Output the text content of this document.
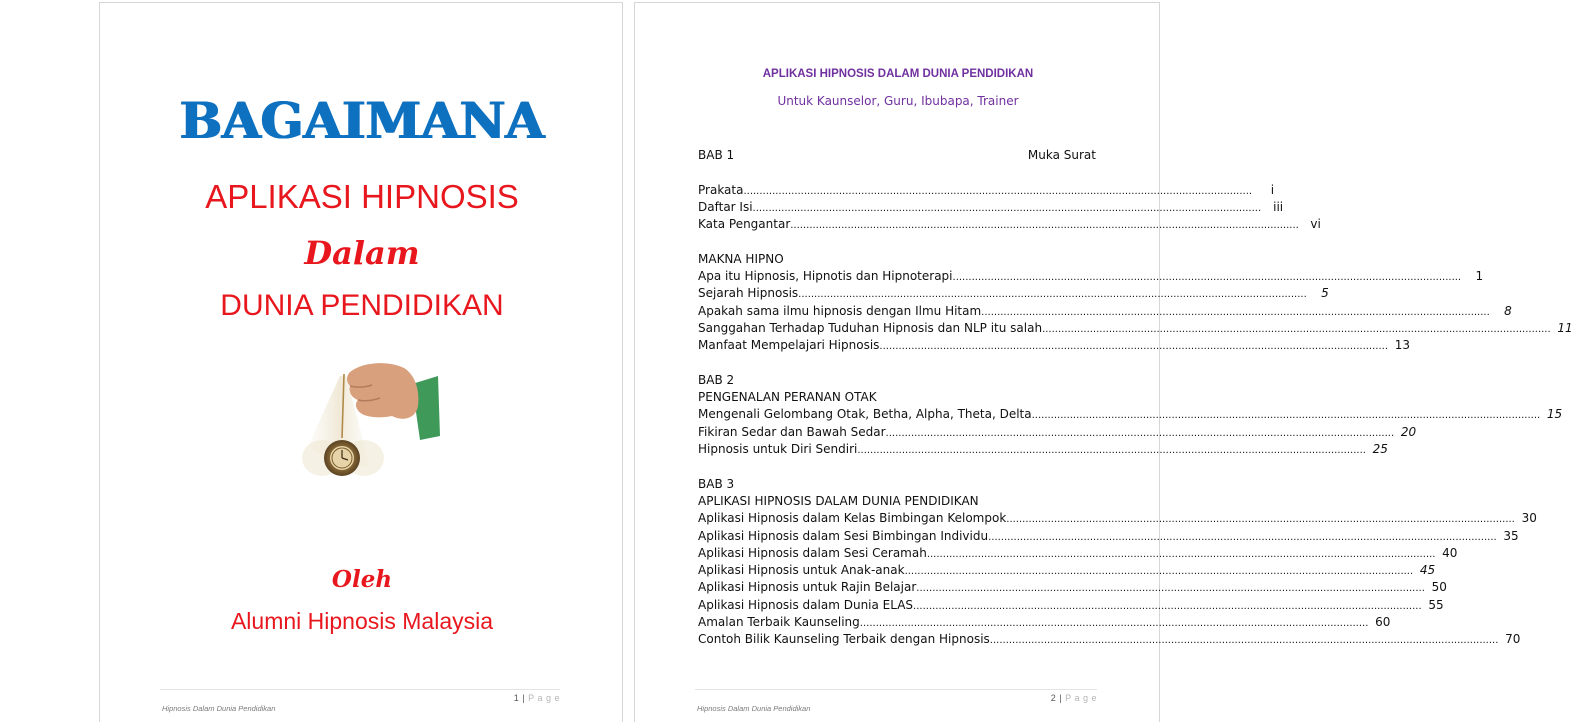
BAGAIMANA
APLIKASI HIPNOSIS
Dalam
DUNIA PENDIDIKAN
Oleh
Alumni Hipnosis Malaysia
1 | P a g e
Hipnosis Dalam Dunia Pendidikan
APLIKASI HIPNOSIS DALAM DUNIA PENDIDIKAN
Untuk Kaunselor, Guru, Ibubapa, Trainer
BAB 1	Muka Surat
Prakata ................................................................................................................................................................	i
Daftar Isi ................................................................................................................................................................ iii
Kata Pengantar ................................................................................................................................................................ vi
MAKNA HIPNO
Apa itu Hipnosis, Hipnotis dan Hipnoterapi ................................................................................................................................................................	1
Sejarah Hipnosis ................................................................................................................................................................	5
Apakah sama ilmu hipnosis dengan Ilmu Hitam ................................................................................................................................................................	8
Sanggahan Terhadap Tuduhan Hipnosis dan NLP itu salah ................................................................................................................................................................ 11
Manfaat Mempelajari Hipnosis ................................................................................................................................................................ 13
BAB 2
PENGENALAN PERANAN OTAK
Mengenali Gelombang Otak, Betha, Alpha, Theta, Delta ................................................................................................................................................................ 15
Fikiran Sedar dan Bawah Sedar ................................................................................................................................................................ 20
Hipnosis untuk Diri Sendiri ................................................................................................................................................................ 25
BAB 3
APLIKASI HIPNOSIS DALAM DUNIA PENDIDIKAN
Aplikasi Hipnosis dalam Kelas Bimbingan Kelompok ................................................................................................................................................................ 30
Aplikasi Hipnosis dalam Sesi Bimbingan Individu ................................................................................................................................................................ 35
Aplikasi Hipnosis dalam Sesi Ceramah ................................................................................................................................................................ 40
Aplikasi Hipnosis untuk Anak-anak ................................................................................................................................................................ 45
Aplikasi Hipnosis untuk Rajin Belajar ................................................................................................................................................................ 50
Aplikasi Hipnosis dalam Dunia ELAS ................................................................................................................................................................ 55
Amalan Terbaik Kaunseling ................................................................................................................................................................ 60
Contoh Bilik Kaunseling Terbaik dengan Hipnosis ................................................................................................................................................................ 70
2 | P a g e
Hipnosis Dalam Dunia Pendidikan
